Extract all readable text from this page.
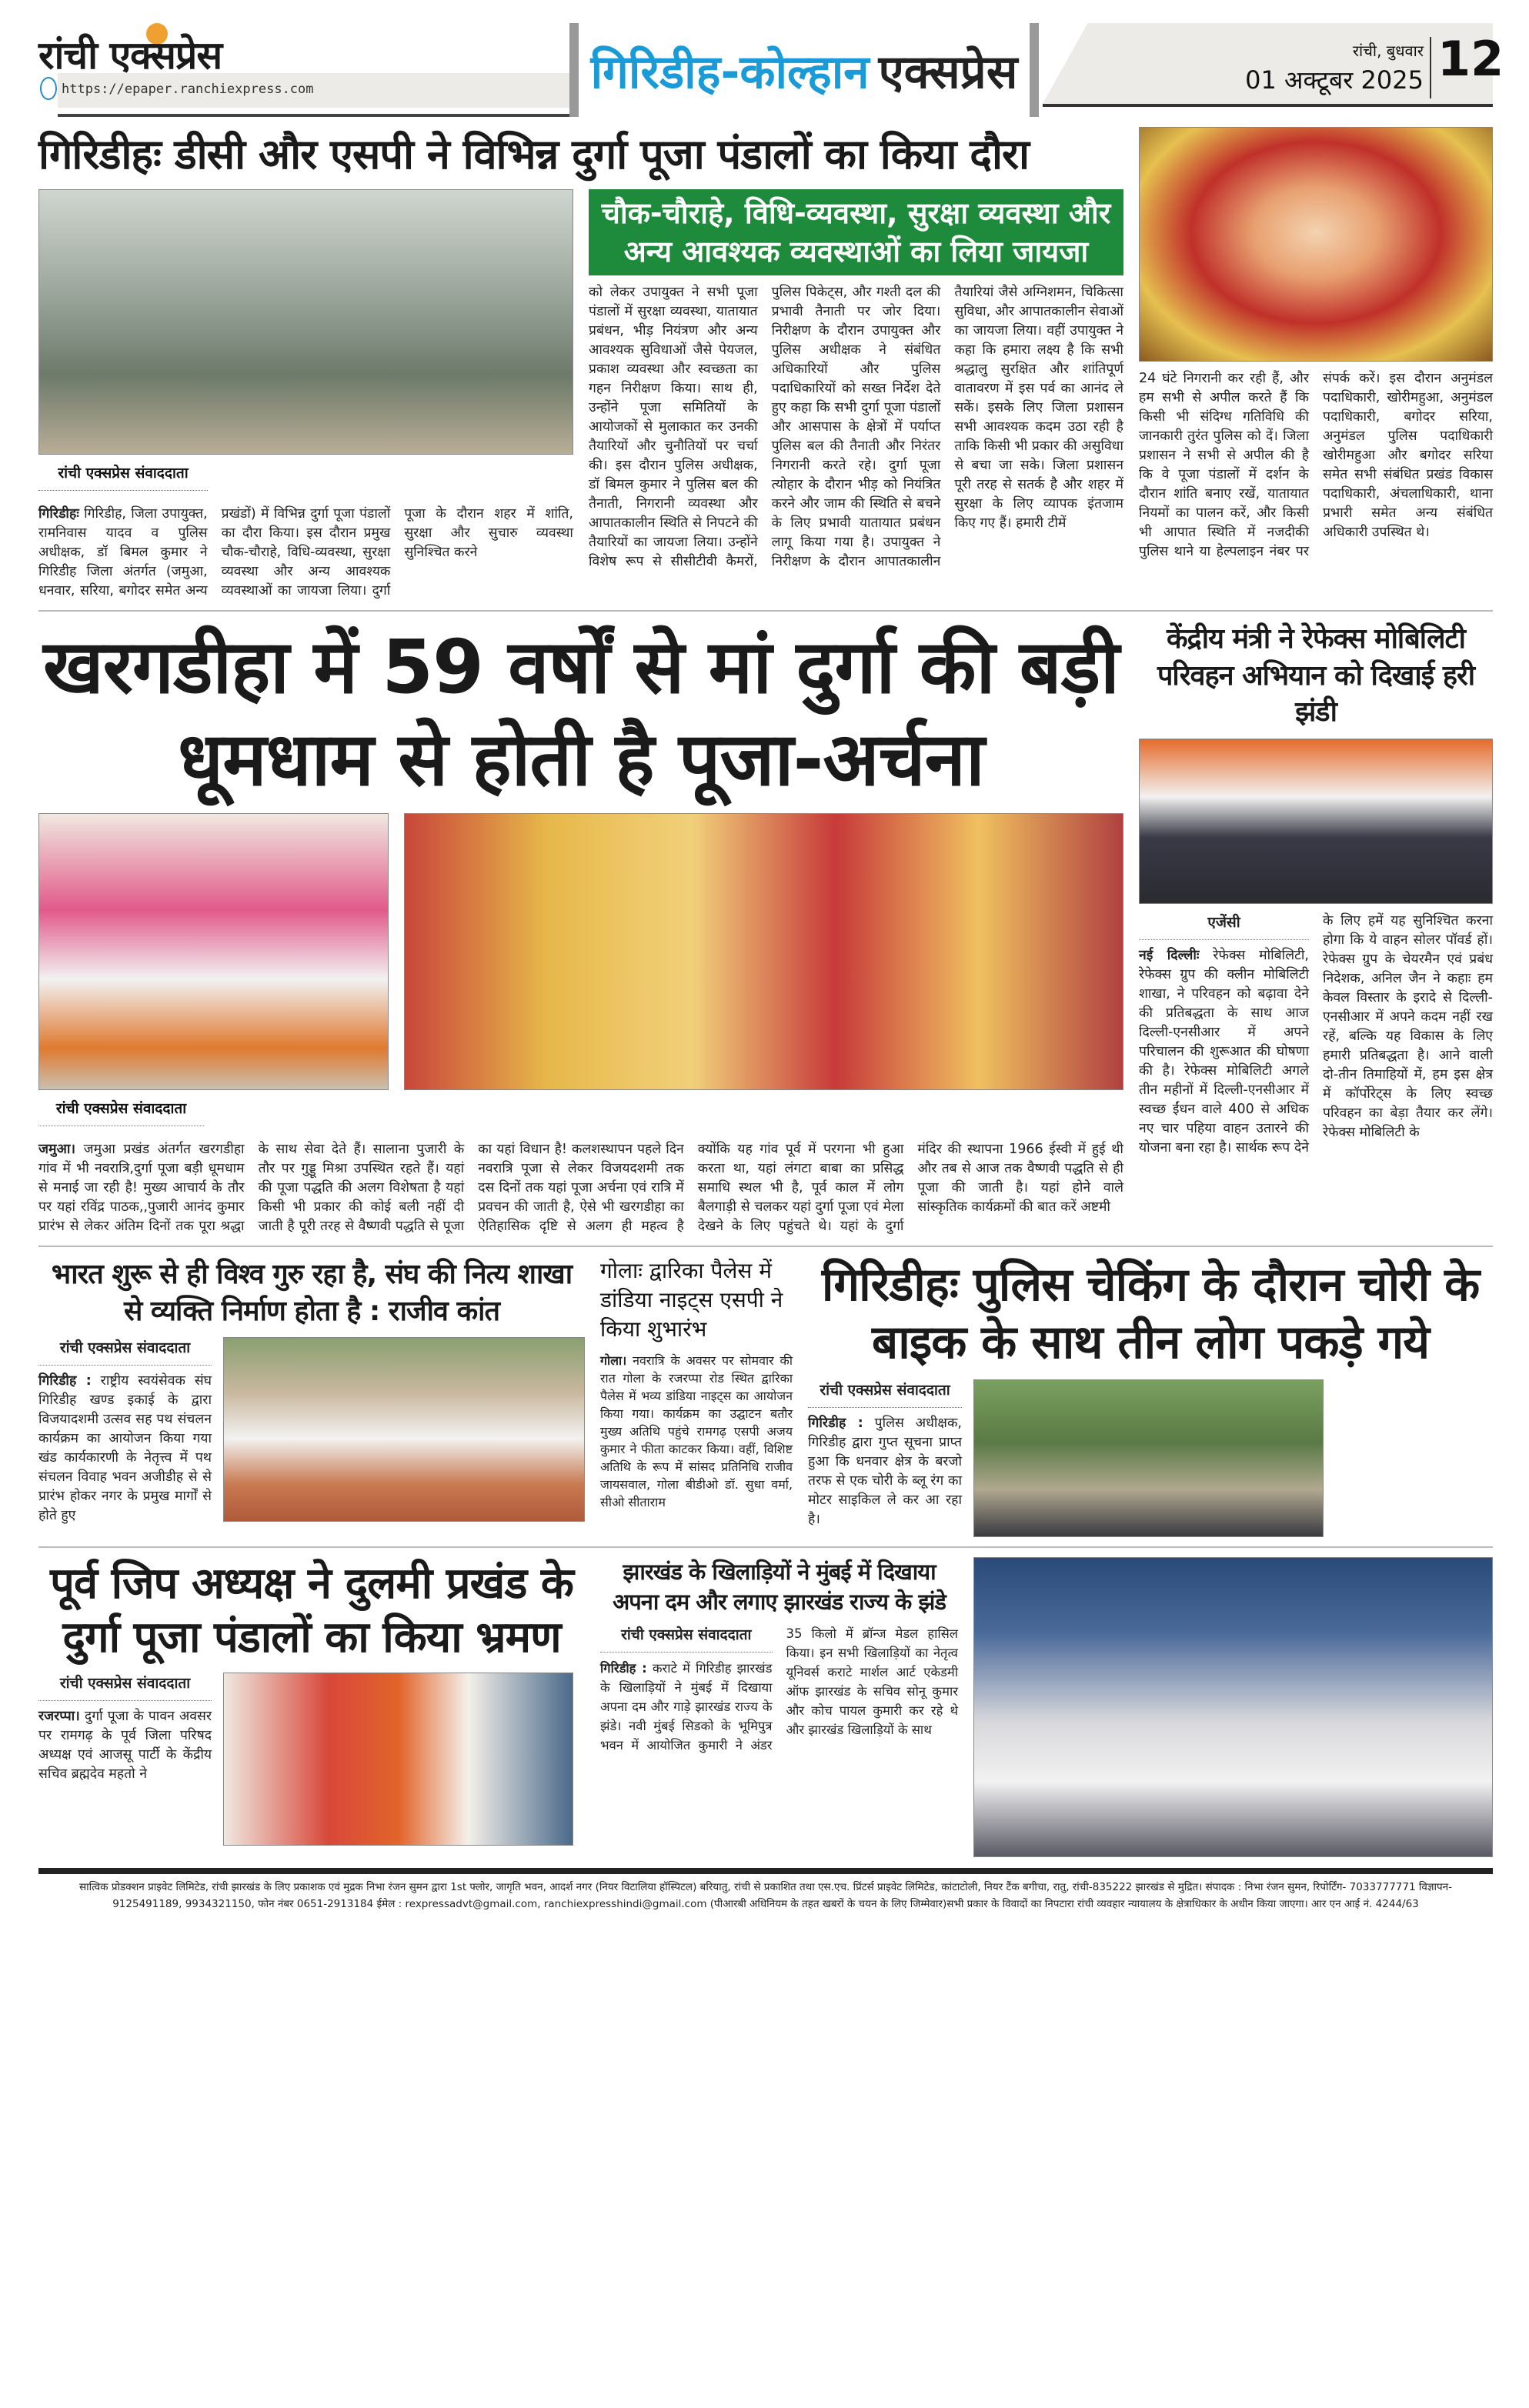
रांची एक्सप्रेस
https://epaper.ranchiexpress.com	गिरिडीह-कोल्हान एक्सप्रेस	रांची, बुधवार
01 अक्टूबर 2025 12
गिरिडीहः डीसी और एसपी ने विभिन्न दुर्गा पूजा पंडालों का किया दौरा
रांची एक्सप्रेस संवाददाता
गिरिडीहः गिरिडीह, जिला उपायुक्त, रामनिवास यादव व पुलिस अधीक्षक, डॉ बिमल कुमार ने गिरिडीह जिला अंतर्गत (जमुआ, धनवार, सरिया, बगोदर समेत अन्य प्रखंडों) में विभिन्न दुर्गा पूजा पंडालों का दौरा किया। इस दौरान प्रमुख चौक-चौराहे, विधि-व्यवस्था, सुरक्षा व्यवस्था और अन्य आवश्यक व्यवस्थाओं का जायजा लिया। दुर्गा पूजा के दौरान शहर में शांति, सुरक्षा और सुचारु व्यवस्था सुनिश्चित करने
चौक-चौराहे, विधि-व्यवस्था, सुरक्षा व्यवस्था और अन्य आवश्यक व्यवस्थाओं का लिया जायजा
को लेकर उपायुक्त ने सभी पूजा पंडालों में सुरक्षा व्यवस्था, यातायात प्रबंधन, भीड़ नियंत्रण और अन्य आवश्यक सुविधाओं जैसे पेयजल, प्रकाश व्यवस्था और स्वच्छता का गहन निरीक्षण किया। साथ ही, उन्होंने पूजा समितियों के आयोजकों से मुलाकात कर उनकी तैयारियों और चुनौतियों पर चर्चा की। इस दौरान पुलिस अधीक्षक, डॉ बिमल कुमार ने पुलिस बल की तैनाती, निगरानी व्यवस्था और आपातकालीन स्थिति से निपटने की तैयारियों का जायजा लिया। उन्होंने विशेष रूप से सीसीटीवी कैमरों, पुलिस पिकेट्स, और गश्ती दल की प्रभावी तैनाती पर जोर दिया। निरीक्षण के दौरान उपायुक्त और पुलिस अधीक्षक ने संबंधित अधिकारियों और पुलिस पदाधिकारियों को सख्त निर्देश देते हुए कहा कि सभी दुर्गा पूजा पंडालों और आसपास के क्षेत्रों में पर्याप्त पुलिस बल की तैनाती और निरंतर निगरानी करते रहे। दुर्गा पूजा त्योहार के दौरान भीड़ को नियंत्रित करने और जाम की स्थिति से बचने के लिए प्रभावी यातायात प्रबंधन लागू किया गया है। उपायुक्त ने निरीक्षण के दौरान आपातकालीन तैयारियां जैसे अग्निशमन, चिकित्सा सुविधा, और आपातकालीन सेवाओं का जायजा लिया। वहीं उपायुक्त ने कहा कि हमारा लक्ष्य है कि सभी श्रद्धालु सुरक्षित और शांतिपूर्ण वातावरण में इस पर्व का आनंद ले सकें। इसके लिए जिला प्रशासन सभी आवश्यक कदम उठा रही है ताकि किसी भी प्रकार की असुविधा से बचा जा सके। जिला प्रशासन पूरी तरह से सतर्क है और शहर में सुरक्षा के लिए व्यापक इंतजाम किए गए हैं। हमारी टीमें
24 घंटे निगरानी कर रही हैं, और हम सभी से अपील करते हैं कि किसी भी संदिग्ध गतिविधि की जानकारी तुरंत पुलिस को दें। जिला प्रशासन ने सभी से अपील की है कि वे पूजा पंडालों में दर्शन के दौरान शांति बनाए रखें, यातायात नियमों का पालन करें, और किसी भी आपात स्थिति में नजदीकी पुलिस थाने या हेल्पलाइन नंबर पर संपर्क करें। इस दौरान अनुमंडल पदाधिकारी, खोरीमहुआ, अनुमंडल पदाधिकारी, बगोदर सरिया, अनुमंडल पुलिस पदाधिकारी खोरीमहुआ और बगोदर सरिया समेत सभी संबंधित प्रखंड विकास पदाधिकारी, अंचलाधिकारी, थाना प्रभारी समेत अन्य संबंधित अधिकारी उपस्थित थे।
खरगडीहा में 59 वर्षों से मां दुर्गा की बड़ी धूमधाम से होती है पूजा-अर्चना
रांची एक्सप्रेस संवाददाता
जमुआ। जमुआ प्रखंड अंतर्गत खरगडीहा गांव में भी नवरात्रि,दुर्गा पूजा बड़ी धूमधाम से मनाई जा रही है! मुख्य आचार्य के तौर पर यहां रविंद्र पाठक,,पुजारी आनंद कुमार प्रारंभ से लेकर अंतिम दिनों तक पूरा श्रद्धा के साथ सेवा देते हैं। सालाना पुजारी के तौर पर गुड्डू मिश्रा उपस्थित रहते हैं। यहां की पूजा पद्धति की अलग विशेषता है यहां किसी भी प्रकार की कोई बली नहीं दी जाती है पूरी तरह से वैष्णवी पद्धति से पूजा का यहां विधान है! कलशस्थापन पहले दिन नवरात्रि पूजा से लेकर विजयदशमी तक दस दिनों तक यहां पूजा अर्चना एवं रात्रि में प्रवचन की जाती है, ऐसे भी खरगडीहा का ऐतिहासिक दृष्टि से अलग ही महत्व है क्योंकि यह गांव पूर्व में परगना भी हुआ करता था, यहां लंगटा बाबा का प्रसिद्ध समाधि स्थल भी है, पूर्व काल में लोग बैलगाड़ी से चलकर यहां दुर्गा पूजा एवं मेला देखने के लिए पहुंचते थे। यहां के दुर्गा मंदिर की स्थापना 1966 ईस्वी में हुई थी और तब से आज तक वैष्णवी पद्धति से ही पूजा की जाती है। यहां होने वाले सांस्कृतिक कार्यक्रमों की बात करें अष्टमी
केंद्रीय मंत्री ने रेफेक्स मोबिलिटी परिवहन अभियान को दिखाई हरी झंडी
एजेंसी
नई दिल्लीः रेफेक्स मोबिलिटी, रेफेक्स ग्रुप की क्लीन मोबिलिटी शाखा, ने परिवहन को बढ़ावा देने की प्रतिबद्धता के साथ आज दिल्ली-एनसीआर में अपने परिचालन की शुरूआत की घोषणा की है। रेफेक्स मोबिलिटी अगले तीन महीनों में दिल्ली-एनसीआर में स्वच्छ ईंधन वाले 400 से अधिक नए चार पहिया वाहन उतारने की योजना बना रहा है। सार्थक रूप देने के लिए हमें यह सुनिश्चित करना होगा कि ये वाहन सोलर पॉवर्ड हों। रेफेक्स ग्रुप के चेयरमैन एवं प्रबंध निदेशक, अनिल जैन ने कहाः हम केवल विस्तार के इरादे से दिल्ली-एनसीआर में अपने कदम नहीं रख रहें, बल्कि यह विकास के लिए हमारी प्रतिबद्धता है। आने वाली दो-तीन तिमाहियों में, हम इस क्षेत्र में कॉर्पोरेट्स के लिए स्वच्छ परिवहन का बेड़ा तैयार कर लेंगे। रेफेक्स मोबिलिटी के
भारत शुरू से ही विश्व गुरु रहा है, संघ की नित्य शाखा से व्यक्ति निर्माण होता है : राजीव कांत
रांची एक्सप्रेस संवाददाता
गिरिडीह : राष्ट्रीय स्वयंसेवक संघ गिरिडीह खण्ड इकाई के द्वारा विजयादशमी उत्सव सह पथ संचलन कार्यक्रम का आयोजन किया गया खंड कार्यकारणी के नेतृत्त्व में पथ संचलन विवाह भवन अजीडीह से से प्रारंभ होकर नगर के प्रमुख मार्गों से होते हुए
गोलाः द्वारिका पैलेस में डांडिया नाइट्स एसपी ने किया शुभारंभ
गोला। नवरात्रि के अवसर पर सोमवार की रात गोला के रजरप्पा रोड स्थित द्वारिका पैलेस में भव्य डांडिया नाइट्स का आयोजन किया गया। कार्यक्रम का उद्घाटन बतौर मुख्य अतिथि पहुंचे रामगढ़ एसपी अजय कुमार ने फीता काटकर किया। वहीं, विशिष्ट अतिथि के रूप में सांसद प्रतिनिधि राजीव जायसवाल, गोला बीडीओ डॉ. सुधा वर्मा, सीओ सीताराम
गिरिडीहः पुलिस चेकिंग के दौरान चोरी के बाइक के साथ तीन लोग पकड़े गये
रांची एक्सप्रेस संवाददाता
गिरिडीह : पुलिस अधीक्षक, गिरिडीह द्वारा गुप्त सूचना प्राप्त हुआ कि धनवार क्षेत्र के बरजो तरफ से एक चोरी के ब्लू रंग का मोटर साइकिल ले कर आ रहा है।
पूर्व जिप अध्यक्ष ने दुलमी प्रखंड के दुर्गा पूजा पंडालों का किया भ्रमण
रांची एक्सप्रेस संवाददाता
रजरप्पा। दुर्गा पूजा के पावन अवसर पर रामगढ़ के पूर्व जिला परिषद अध्यक्ष एवं आजसू पार्टी के केंद्रीय सचिव ब्रह्मदेव महतो ने
झारखंड के खिलाड़ियों ने मुंबई में दिखाया अपना दम और लगाए झारखंड राज्य के झंडे
रांची एक्सप्रेस संवाददाता
गिरिडीह : कराटे में गिरिडीह झारखंड के खिलाड़ियों ने मुंबई में दिखाया अपना दम और गाड़े झारखंड राज्य के झंडे। नवी मुंबई सिडको के भूमिपुत्र भवन में आयोजित कुमारी ने अंडर 35 किलो में ब्रॉन्ज मेडल हासिल किया। इन सभी खिलाड़ियों का नेतृत्व यूनिवर्स कराटे मार्शल आर्ट एकेडमी ऑफ झारखंड के सचिव सोनू कुमार और कोच पायल कुमारी कर रहे थे और झारखंड खिलाड़ियों के साथ
सात्विक प्रोडक्शन प्राइवेट लिमिटेड, रांची झारखंड के लिए प्रकाशक एवं मुद्रक निभा रंजन सुमन द्वारा 1st फ्लोर, जागृति भवन, आदर्श नगर (नियर विटालिया हॉस्पिटल) बरियातु, रांची से प्रकाशित तथा एस.एच. प्रिंटर्स प्राइवेट लिमिटेड, कांटाटोली, नियर टैंक बगीचा, रातु, रांची-835222 झारखंड से मुद्रित। संपादक : निभा रंजन सुमन, रिपोर्टिंग- 7033777771 विज्ञापन-
9125491189, 9934321150, फोन नंबर 0651-2913184 ईमेल : rexpressadvt@gmail.com, ranchiexpresshindi@gmail.com (पीआरबी अधिनियम के तहत खबरों के चयन के लिए जिम्मेवार)सभी प्रकार के विवादों का निपटारा रांची व्यवहार न्यायालय के क्षेत्राधिकार के अधीन किया जाएगा। आर एन आई नं. 4244/63
